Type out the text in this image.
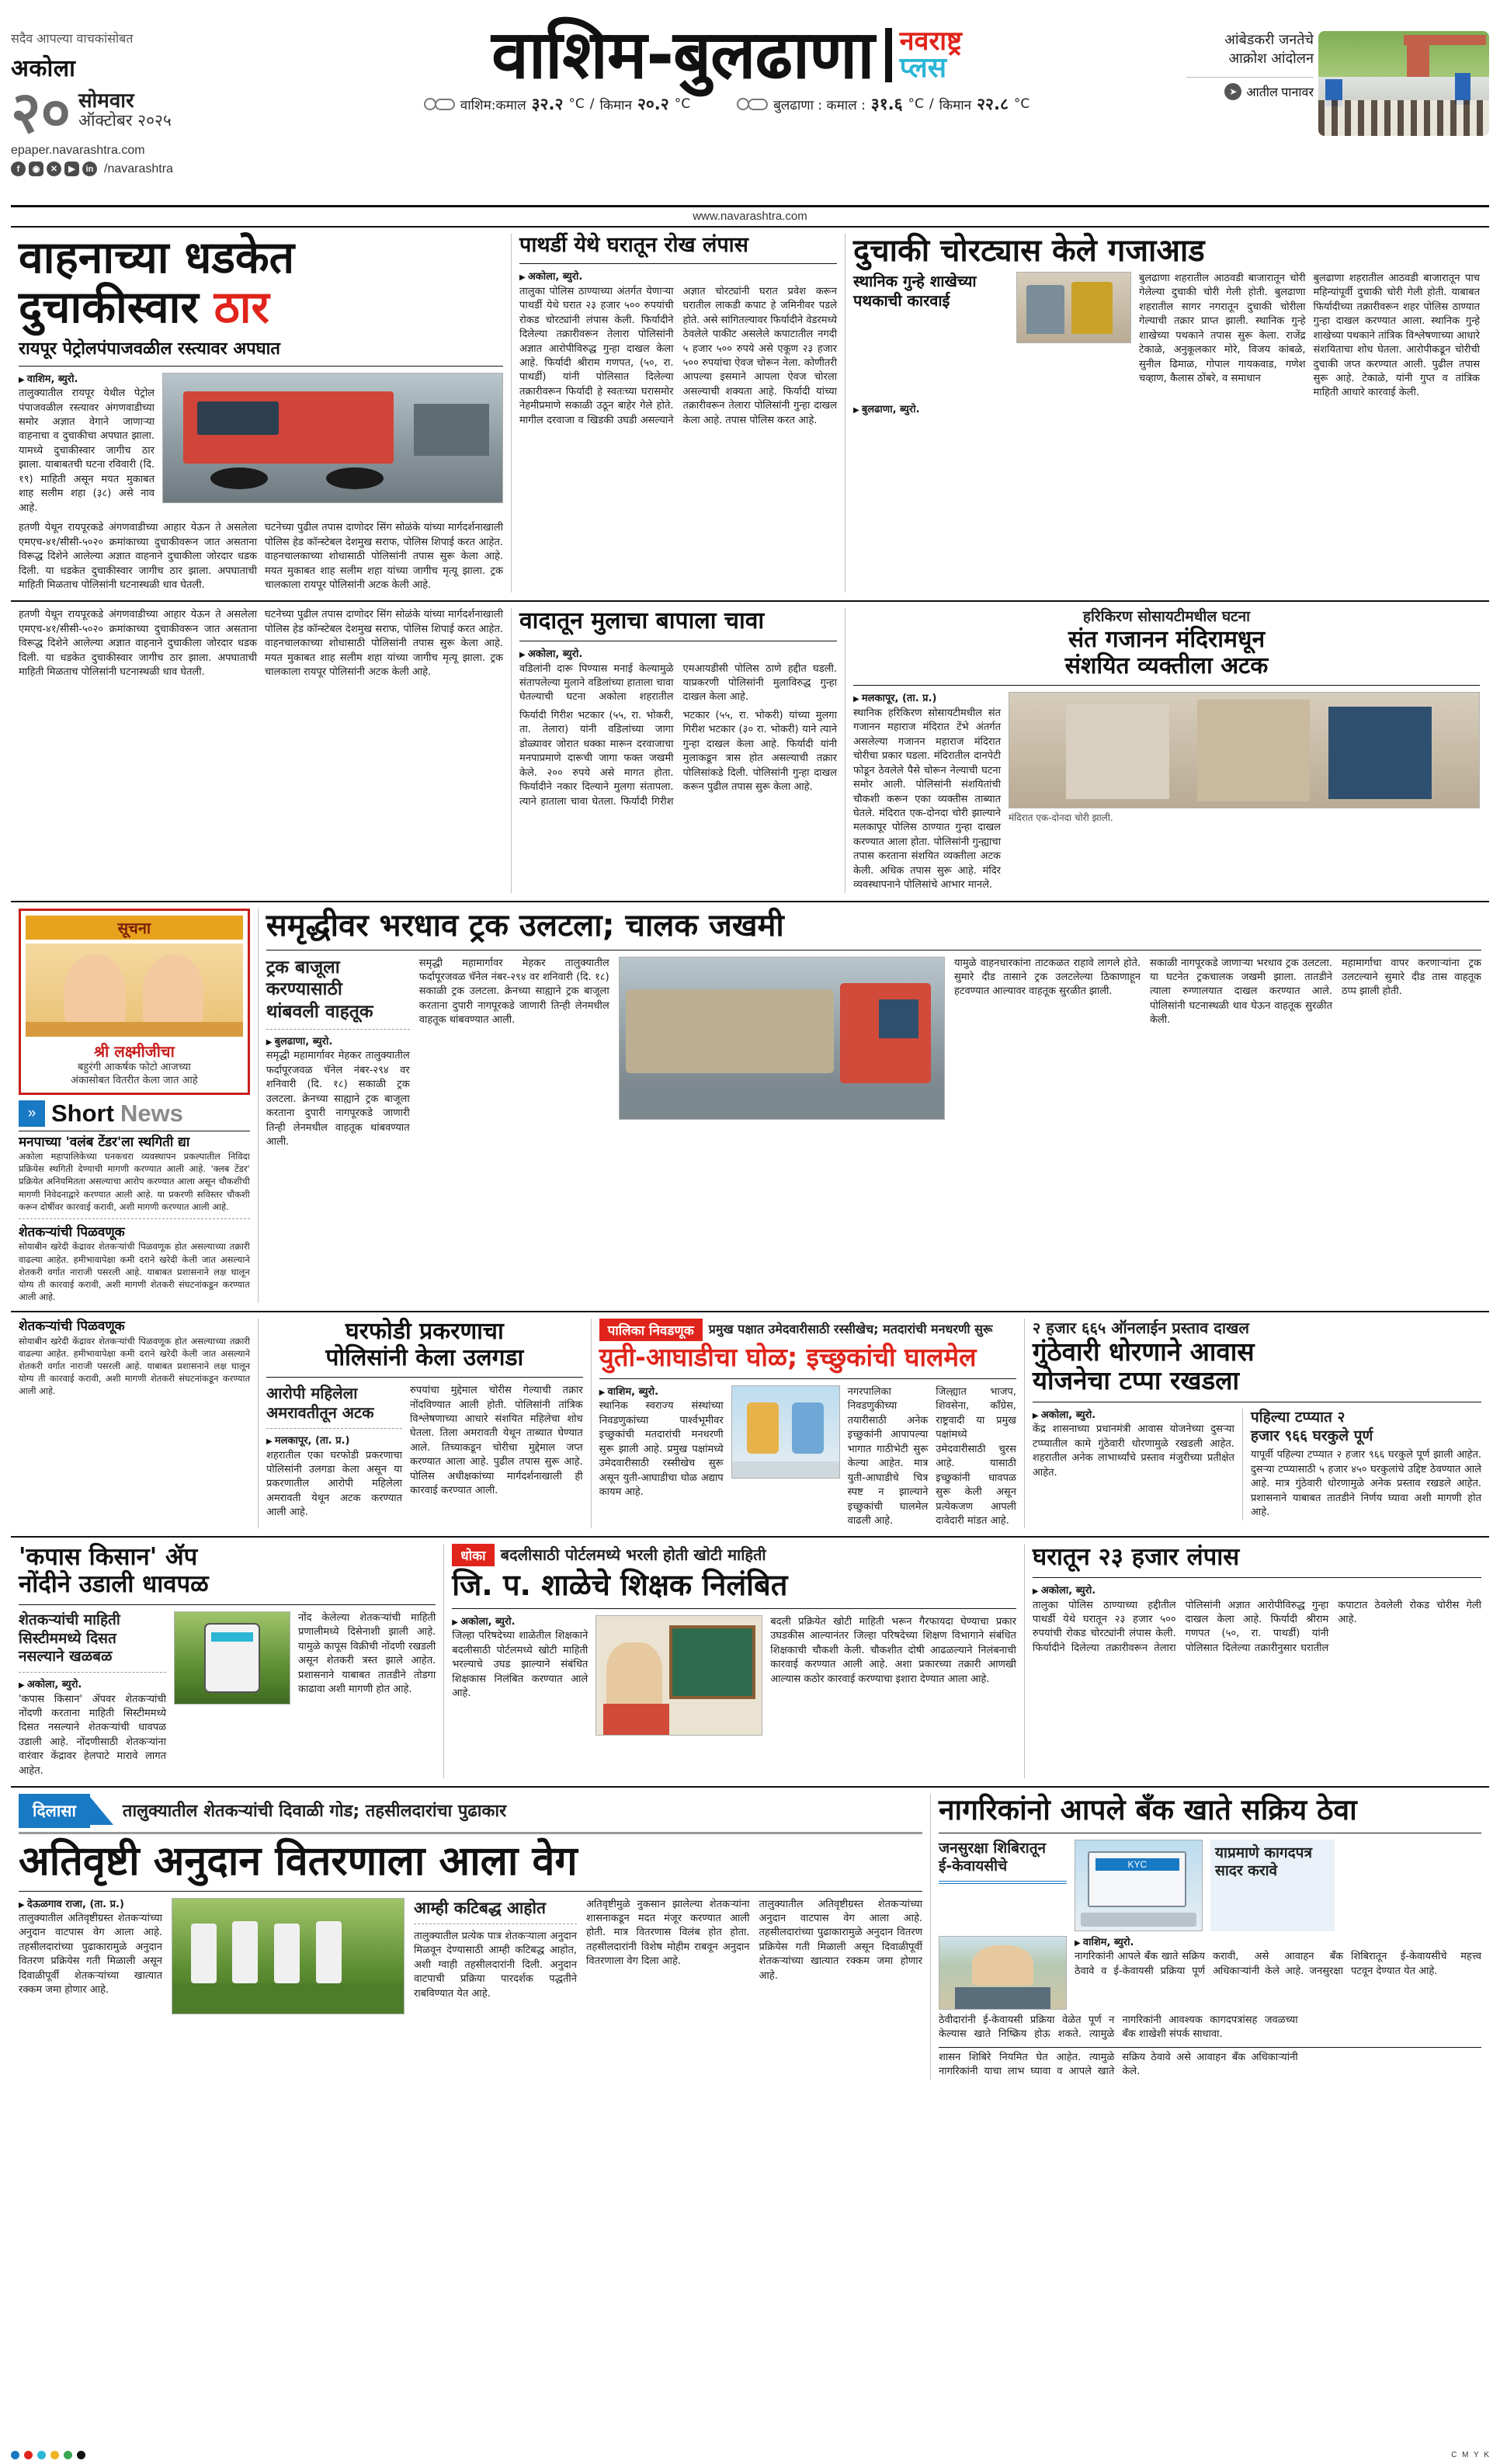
सदैव आपल्या वाचकांसोबत
अकोला
२० सोमवार
ऑक्टोबर २०२५
epaper.navarashtra.com
f	◉	✕	▶	in /navarashtra
वाशिम-बुलढाणा नवराष्ट्र
प्लस
वाशिम:कमाल ३२.२ °C / किमान २०.२ °C	बुलढाणा : कमाल : ३१.६ °C / किमान २२.८ °C
आंबेडकरी जनतेचे आक्रोश आंदोलन
➤ आतील पानावर
www.navarashtra.com
वाहनाच्या धडकेत
दुचाकीस्वार ठार
रायपूर पेट्रोलपंपाजवळील रस्त्यावर अपघात
▶ वाशिम, ब्युरो.
तालुक्यातील रायपूर येथील पेट्रोल पंपाजवळील रस्त्यावर अंगणवाडीच्या समोर अज्ञात वेगाने जाणाऱ्या वाहनाचा व दुचाकीचा अपघात झाला. यामध्ये दुचाकीस्वार जागीच ठार झाला. याबाबतची घटना रविवारी (दि. १९) माहिती असून मयत मुकाबत शाह सलीम शहा (३८) असे नाव आहे.
हतणी येथून रायपूरकडे अंगणवाडीच्या आहार येऊन ते असलेला एमएच-४१/सीसी-५०२० क्रमांकाच्या दुचाकीवरून जात असताना विरूद्ध दिशेने आलेल्या अज्ञात वाहनाने दुचाकीला जोरदार धडक दिली. या धडकेत दुचाकीस्वार जागीच ठार झाला. अपघाताची माहिती मिळताच पोलिसांनी घटनास्थळी धाव घेतली.
घटनेच्या पुढील तपास दाणोदर सिंग सोळंके यांच्या मार्गदर्शनाखाली पोलिस हेड कॉन्स्टेबल देशमुख सराफ, पोलिस शिपाई करत आहेत. वाहनचालकाच्या शोधासाठी पोलिसांनी तपास सुरू केला आहे. मयत मुकाबत शाह सलीम शहा यांच्या जागीच मृत्यू झाला. ट्रक चालकाला रायपूर पोलिसांनी अटक केली आहे.
पाथर्डी येथे घरातून रोख लंपास
▶ अकोला, ब्युरो.
तालुका पोलिस ठाण्याच्या अंतर्गत येणाऱ्या पाथर्डी येथे घरात २३ हजार ५०० रुपयांची रोकड चोरट्यांनी लंपास केली. फिर्यादीने दिलेल्या तक्रारीवरून तेलारा पोलिसांनी अज्ञात आरोपीविरुद्ध गुन्हा दाखल केला आहे. फिर्यादी श्रीराम गणपत, (५०, रा. पाथर्डी) यांनी पोलिसात दिलेल्या तक्रारीवरून फिर्यादी हे स्वतःच्या घरासमोर नेहमीप्रमाणे सकाळी उठून बाहेर गेले होते. मागील दरवाजा व खिडकी उघडी असल्याने अज्ञात चोरट्यांनी घरात प्रवेश करून घरातील लाकडी कपाट हे जमिनीवर पडले होते. असे सांगितल्यावर फिर्यादीने वेडरमध्ये ठेवलेले पाकीट असलेले कपाटातील नगदी ५ हजार ५०० रुपये असे एकूण २३ हजार ५०० रुपयांचा ऐवज चोरून नेला. कोणीतरी आपल्या इसमाने आपला ऐवज चोरला असल्याची शक्यता आहे. फिर्यादी यांच्या तक्रारीवरून तेलारा पोलिसांनी गुन्हा दाखल केला आहे. तपास पोलिस करत आहे.
दुचाकी चोरट्यास केले गजाआड
स्थानिक गुन्हे शाखेच्या पथकाची कारवाई
बुलढाणा शहरातील आठवडी बाजारातून चोरी गेलेल्या दुचाकी चोरी गेली होती. बुलढाणा शहरातील सागर नगरातून दुचाकी चोरीला गेल्याची तक्रार प्राप्त झाली. स्थानिक गुन्हे शाखेच्या पथकाने तपास सुरू केला. राजेंद्र टेकाळे, अनुकूलकार मोरे, विजय कांबळे, सुनील ढिमाळ, गोपाल गायकवाड, गणेश चव्हाण, कैलास ठोंबरे, व समाधान
बुलढाणा शहरातील आठवडी बाजारातून पाच महिन्यांपूर्वी दुचाकी चोरी गेली होती. याबाबत फिर्यादीच्या तक्रारीवरून शहर पोलिस ठाण्यात गुन्हा दाखल करण्यात आला. स्थानिक गुन्हे शाखेच्या पथकाने तांत्रिक विश्लेषणाच्या आधारे संशयिताचा शोध घेतला. आरोपीकडून चोरीची दुचाकी जप्त करण्यात आली. पुढील तपास सुरू आहे. टेकाळे, यांनी गुप्त व तांत्रिक माहिती आधारे कारवाई केली.
▶ बुलढाणा, ब्युरो.
हतणी येथून रायपूरकडे अंगणवाडीच्या आहार येऊन ते असलेला एमएच-४१/सीसी-५०२० क्रमांकाच्या दुचाकीवरून जात असताना विरूद्ध दिशेने आलेल्या अज्ञात वाहनाने दुचाकीला जोरदार धडक दिली. या धडकेत दुचाकीस्वार जागीच ठार झाला. अपघाताची माहिती मिळताच पोलिसांनी घटनास्थळी धाव घेतली.
घटनेच्या पुढील तपास दाणोदर सिंग सोळंके यांच्या मार्गदर्शनाखाली पोलिस हेड कॉन्स्टेबल देशमुख सराफ, पोलिस शिपाई करत आहेत. वाहनचालकाच्या शोधासाठी पोलिसांनी तपास सुरू केला आहे. मयत मुकाबत शाह सलीम शहा यांच्या जागीच मृत्यू झाला. ट्रक चालकाला रायपूर पोलिसांनी अटक केली आहे.
वादातून मुलाचा बापाला चावा
▶ अकोला, ब्युरो.
वडिलांनी दारू पिण्यास मनाई केल्यामुळे संतापलेल्या मुलाने वडिलांच्या हाताला चावा घेतल्याची घटना अकोला शहरातील एमआयडीसी पोलिस ठाणे हद्दीत घडली. याप्रकरणी पोलिसांनी मुलाविरुद्ध गुन्हा दाखल केला आहे.
फिर्यादी गिरीश भटकार (५५, रा. भोकरी, ता. तेलारा) यांनी वडिलांच्या जागा डोळ्यावर जोरात धक्का मारून दरवाजाचा मनपाप्रमाणे दारूची जागा फक्त जखमी केले. २०० रुपये असे मागत होता. फिर्यादीने नकार दिल्याने मुलगा संतापला. त्याने हाताला चावा घेतला. फिर्यादी गिरीश भटकार (५५, रा. भोकरी) यांच्या मुलगा गिरीश भटकार (३० रा. भोकरी) याने त्याने गुन्हा दाखल केला आहे. फिर्यादी यांनी मुलाकडून त्रास होत असल्याची तक्रार पोलिसांकडे दिली. पोलिसांनी गुन्हा दाखल करून पुढील तपास सुरू केला आहे.
हरिकिरण सोसायटीमधील घटना
संत गजानन मंदिरामधून
संशयित व्यक्तीला अटक
▶ मलकापूर, (ता. प्र.)
स्थानिक हरिकिरण सोसायटीमधील संत गजानन महाराज मंदिरात टेंभे अंतर्गत असलेल्या गजानन महाराज मंदिरात चोरीचा प्रकार घडला. मंदिरातील दानपेटी फोडून ठेवलेले पैसे चोरून नेल्याची घटना समोर आली. पोलिसांनी संशयितांची चौकशी करून एका व्यक्तीस ताब्यात घेतले. मंदिरात एक-दोनदा चोरी झाल्याने मलकापूर पोलिस ठाण्यात गुन्हा दाखल करण्यात आला होता. पोलिसांनी गुन्ह्याचा तपास करताना संशयित व्यक्तीला अटक केली. अधिक तपास सुरू आहे. मंदिर व्यवस्थापनाने पोलिसांचे आभार मानले.
मंदिरात एक-दोनदा चोरी झाली.
सूचना
श्री लक्ष्मीजीचा
बहुरंगी आकर्षक फोटो आजच्या
अंकासोबत वितरीत केला जात आहे
» Short News
मनपाच्या 'वलंब टेंडर'ला स्थगिती द्या
अकोला महापालिकेच्या घनकचरा व्यवस्थापन प्रकल्पातील निविदा प्रक्रियेस स्थगिती देण्याची मागणी करण्यात आली आहे. 'क्लब टेंडर' प्रक्रियेत अनियमितता असल्याचा आरोप करण्यात आला असून चौकशीची मागणी निवेदनाद्वारे करण्यात आली आहे. या प्रकरणी सविस्तर चौकशी करून दोषींवर कारवाई करावी, अशी मागणी करण्यात आली आहे.
शेतकऱ्यांची पिळवणूक
सोयाबीन खरेदी केंद्रावर शेतकऱ्यांची पिळवणूक होत असल्याच्या तक्रारी वाढल्या आहेत. हमीभावापेक्षा कमी दराने खरेदी केली जात असल्याने शेतकरी वर्गात नाराजी पसरली आहे. याबाबत प्रशासनाने लक्ष घालून योग्य ती कारवाई करावी, अशी मागणी शेतकरी संघटनांकडून करण्यात आली आहे.
समृद्धीवर भरधाव ट्रक उलटला; चालक जखमी
ट्रक बाजूला
करण्यासाठी
थांबवली वाहतूक
▶ बुलढाणा, ब्युरो.
समृद्धी महामार्गावर मेहकर तालुक्यातील फर्दापूरजवळ चॅनेल नंबर-२९४ वर शनिवारी (दि. १८) सकाळी ट्रक उलटला. क्रेनच्या साह्याने ट्रक बाजूला करताना दुपारी नागपूरकडे जाणारी तिन्ही लेनमधील वाहतूक थांबवण्यात आली.
समृद्धी महामार्गावर मेहकर तालुक्यातील फर्दापूरजवळ चॅनेल नंबर-२९४ वर शनिवारी (दि. १८) सकाळी ट्रक उलटला. क्रेनच्या साह्याने ट्रक बाजूला करताना दुपारी नागपूरकडे जाणारी तिन्ही लेनमधील वाहतूक थांबवण्यात आली.
यामुळे वाहनधारकांना ताटकळत राहावे लागले होते. सुमारे दीड तासाने ट्रक उलटलेल्या ठिकाणाहून हटवण्यात आल्यावर वाहतूक सुरळीत झाली.
सकाळी नागपूरकडे जाणाऱ्या भरधाव ट्रक उलटला. या घटनेत ट्रकचालक जखमी झाला. तातडीने त्याला रुग्णालयात दाखल करण्यात आले. पोलिसांनी घटनास्थळी धाव घेऊन वाहतूक सुरळीत केली.
महामार्गाचा वापर करणाऱ्यांना ट्रक उलटल्याने सुमारे दीड तास वाहतूक ठप्प झाली होती.
शेतकऱ्यांची पिळवणूक
सोयाबीन खरेदी केंद्रावर शेतकऱ्यांची पिळवणूक होत असल्याच्या तक्रारी वाढल्या आहेत. हमीभावापेक्षा कमी दराने खरेदी केली जात असल्याने शेतकरी वर्गात नाराजी पसरली आहे. याबाबत प्रशासनाने लक्ष घालून योग्य ती कारवाई करावी, अशी मागणी शेतकरी संघटनांकडून करण्यात आली आहे.
घरफोडी प्रकरणाचा
पोलिसांनी केला उलगडा
आरोपी महिलेला
अमरावतीतून अटक
▶ मलकापूर, (ता. प्र.)
शहरातील एका घरफोडी प्रकरणाचा पोलिसांनी उलगडा केला असून या प्रकरणातील आरोपी महिलेला अमरावती येथून अटक करण्यात आली आहे.
रुपयांचा मुद्देमाल चोरीस गेल्याची तक्रार नोंदविण्यात आली होती. पोलिसांनी तांत्रिक विश्लेषणाच्या आधारे संशयित महिलेचा शोध घेतला. तिला अमरावती येथून ताब्यात घेण्यात आले. तिच्याकडून चोरीचा मुद्देमाल जप्त करण्यात आला आहे. पुढील तपास सुरू आहे. पोलिस अधीक्षकांच्या मार्गदर्शनाखाली ही कारवाई करण्यात आली.
पालिका निवडणूक	प्रमुख पक्षात उमेदवारीसाठी रस्सीखेच; मतदारांची मनधरणी सुरू
युती-आघाडीचा घोळ; इच्छुकांची घालमेल
▶ वाशिम, ब्युरो.
स्थानिक स्वराज्य संस्थांच्या निवडणुकांच्या पार्श्वभूमीवर इच्छुकांची मतदारांची मनधरणी सुरू झाली आहे. प्रमुख पक्षांमध्ये उमेदवारीसाठी रस्सीखेच सुरू असून युती-आघाडीचा घोळ अद्याप कायम आहे.
नगरपालिका निवडणुकीच्या तयारीसाठी अनेक इच्छुकांनी आपापल्या भागात गाठीभेटी सुरू केल्या आहेत. मात्र युती-आघाडीचे चित्र स्पष्ट न झाल्याने इच्छुकांची घालमेल वाढली आहे.
जिल्ह्यात भाजप, शिवसेना, काँग्रेस, राष्ट्रवादी या प्रमुख पक्षांमध्ये उमेदवारीसाठी चुरस आहे. यासाठी इच्छुकांनी धावपळ सुरू केली असून प्रत्येकजण आपली दावेदारी मांडत आहे.
२ हजार ६६५ ऑनलाईन प्रस्ताव दाखल
गुंठेवारी धोरणाने आवास
योजनेचा टप्पा रखडला
▶ अकोला, ब्युरो.
केंद्र शासनाच्या प्रधानमंत्री आवास योजनेच्या दुसऱ्या टप्प्यातील कामे गुंठेवारी धोरणामुळे रखडली आहेत. शहरातील अनेक लाभार्थ्यांचे प्रस्ताव मंजुरीच्या प्रतीक्षेत आहेत.
पहिल्या टप्प्यात २
हजार ९६६ घरकुले पूर्ण
यापूर्वी पहिल्या टप्प्यात २ हजार ९६६ घरकुले पूर्ण झाली आहेत. दुसऱ्या टप्प्यासाठी ५ हजार ४५० घरकुलांचे उद्दिष्ट ठेवण्यात आले आहे. मात्र गुंठेवारी धोरणामुळे अनेक प्रस्ताव रखडले आहेत. प्रशासनाने याबाबत तातडीने निर्णय घ्यावा अशी मागणी होत आहे.
'कपास किसान' ॲप
नोंदीने उडाली धावपळ
शेतकऱ्यांची माहिती
सिस्टीममध्ये दिसत
नसल्याने खळबळ
▶ अकोला, ब्युरो.
'कपास किसान' ॲपवर शेतकऱ्यांची नोंदणी करताना माहिती सिस्टीममध्ये दिसत नसल्याने शेतकऱ्यांची धावपळ उडाली आहे. नोंदणीसाठी शेतकऱ्यांना वारंवार केंद्रावर हेलपाटे मारावे लागत आहेत.
नोंद केलेल्या शेतकऱ्यांची माहिती प्रणालीमध्ये दिसेनाशी झाली आहे. यामुळे कापूस विक्रीची नोंदणी रखडली असून शेतकरी त्रस्त झाले आहेत. प्रशासनाने याबाबत तातडीने तोडगा काढावा अशी मागणी होत आहे.
धोका बदलीसाठी पोर्टलमध्ये भरली होती खोटी माहिती
जि. प. शाळेचे शिक्षक निलंबित
▶ अकोला, ब्युरो.
जिल्हा परिषदेच्या शाळेतील शिक्षकाने बदलीसाठी पोर्टलमध्ये खोटी माहिती भरल्याचे उघड झाल्याने संबंधित शिक्षकास निलंबित करण्यात आले आहे.
बदली प्रक्रियेत खोटी माहिती भरून गैरफायदा घेण्याचा प्रकार उघडकीस आल्यानंतर जिल्हा परिषदेच्या शिक्षण विभागाने संबंधित शिक्षकाची चौकशी केली. चौकशीत दोषी आढळल्याने निलंबनाची कारवाई करण्यात आली आहे. अशा प्रकारच्या तक्रारी आणखी आल्यास कठोर कारवाई करण्याचा इशारा देण्यात आला आहे.
घरातून २३ हजार लंपास
▶ अकोला, ब्युरो.
तालुका पोलिस ठाण्याच्या हद्दीतील पाथर्डी येथे घरातून २३ हजार ५०० रुपयांची रोकड चोरट्यांनी लंपास केली. फिर्यादीने दिलेल्या तक्रारीवरून तेलारा पोलिसांनी अज्ञात आरोपीविरुद्ध गुन्हा दाखल केला आहे. फिर्यादी श्रीराम गणपत (५०, रा. पाथर्डी) यांनी पोलिसात दिलेल्या तक्रारीनुसार घरातील कपाटात ठेवलेली रोकड चोरीस गेली आहे.
दिलासा	तालुक्यातील शेतकऱ्यांची दिवाळी गोड; तहसीलदारांचा पुढाकार
अतिवृष्टी अनुदान वितरणाला आला वेग
▶ देऊळगाव राजा, (ता. प्र.)
तालुक्यातील अतिवृष्टीग्रस्त शेतकऱ्यांच्या अनुदान वाटपास वेग आला आहे. तहसीलदारांच्या पुढाकारामुळे अनुदान वितरण प्रक्रियेस गती मिळाली असून दिवाळीपूर्वी शेतकऱ्यांच्या खात्यात रक्कम जमा होणार आहे.
आम्ही कटिबद्ध आहोत
तालुक्यातील प्रत्येक पात्र शेतकऱ्याला अनुदान मिळवून देण्यासाठी आम्ही कटिबद्ध आहोत, अशी ग्वाही तहसीलदारांनी दिली. अनुदान वाटपाची प्रक्रिया पारदर्शक पद्धतीने राबविण्यात येत आहे.
अतिवृष्टीमुळे नुकसान झालेल्या शेतकऱ्यांना शासनाकडून मदत मंजूर करण्यात आली होती. मात्र वितरणास विलंब होत होता. तहसीलदारांनी विशेष मोहीम राबवून अनुदान वितरणाला वेग दिला आहे.
तालुक्यातील अतिवृष्टीग्रस्त शेतकऱ्यांच्या अनुदान वाटपास वेग आला आहे. तहसीलदारांच्या पुढाकारामुळे अनुदान वितरण प्रक्रियेस गती मिळाली असून दिवाळीपूर्वी शेतकऱ्यांच्या खात्यात रक्कम जमा होणार आहे.
नागरिकांनो आपले बँक खाते सक्रिय ठेवा
जनसुरक्षा शिबिरातून
ई-केवायसीचे	KYC
याप्रमाणे कागदपत्र
सादर करावे
▶ वाशिम, ब्युरो.
नागरिकांनी आपले बँक खाते सक्रिय ठेवावे व ई-केवायसी प्रक्रिया पूर्ण करावी, असे आवाहन बँक अधिकाऱ्यांनी केले आहे. जनसुरक्षा शिबिरातून ई-केवायसीचे महत्त्व पटवून देण्यात येत आहे.
ठेवीदारांनी ई-केवायसी प्रक्रिया वेळेत पूर्ण न केल्यास खाते निष्क्रिय होऊ शकते. त्यामुळे नागरिकांनी आवश्यक कागदपत्रांसह जवळच्या बँक शाखेशी संपर्क साधावा.
शासन शिबिरे नियमित घेत आहेत. त्यामुळे नागरिकांनी याचा लाभ घ्यावा व आपले खाते सक्रिय ठेवावे असे आवाहन बँक अधिकाऱ्यांनी केले.
C M Y K
